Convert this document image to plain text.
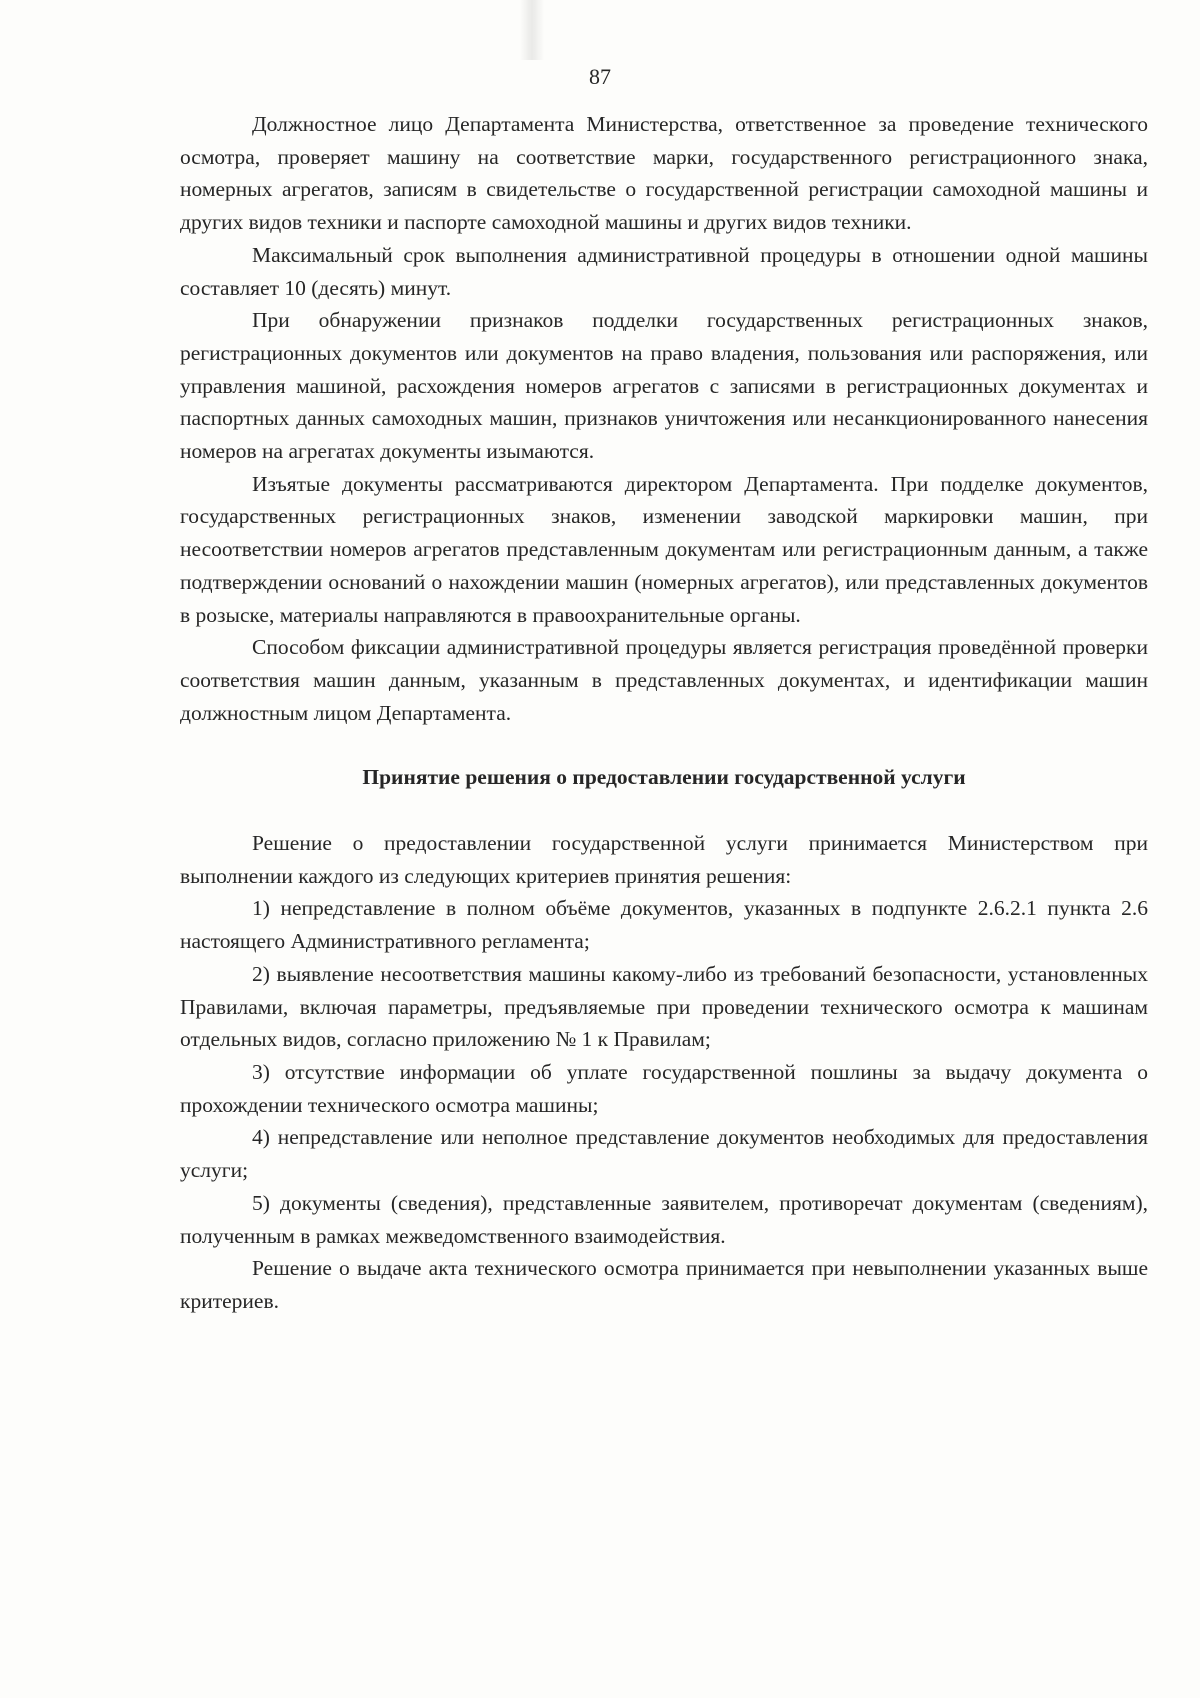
87

Должностное лицо Департамента Министерства, ответственное за проведение технического осмотра, проверяет машину на соответствие марки, государственного регистрационного знака, номерных агрегатов, записям в свидетельстве о государственной регистрации самоходной машины и других видов техники и паспорте самоходной машины и других видов техники.

Максимальный срок выполнения административной процедуры в отношении одной машины составляет 10 (десять) минут.

При обнаружении признаков подделки государственных регистрационных знаков, регистрационных документов или документов на право владения, пользования или распоряжения, или управления машиной, расхождения номеров агрегатов с записями в регистрационных документах и паспортных данных самоходных машин, признаков уничтожения или несанкционированного нанесения номеров на агрегатах документы изымаются.

Изъятые документы рассматриваются директором Департамента. При подделке документов, государственных регистрационных знаков, изменении заводской маркировки машин, при несоответствии номеров агрегатов представленным документам или регистрационным данным, а также подтверждении оснований о нахождении машин (номерных агрегатов), или представленных документов в розыске, материалы направляются в правоохранительные органы.

Способом фиксации административной процедуры является регистрация проведённой проверки соответствия машин данным, указанным в представленных документах, и идентификации машин должностным лицом Департамента.

Принятие решения о предоставлении государственной услуги

Решение о предоставлении государственной услуги принимается Министерством при выполнении каждого из следующих критериев принятия решения:

1) непредставление в полном объёме документов, указанных в подпункте 2.6.2.1 пункта 2.6 настоящего Административного регламента;

2) выявление несоответствия машины какому-либо из требований безопасности, установленных Правилами, включая параметры, предъявляемые при проведении технического осмотра к машинам отдельных видов, согласно приложению № 1 к Правилам;

3) отсутствие информации об уплате государственной пошлины за выдачу документа о прохождении технического осмотра машины;

4) непредставление или неполное представление документов необходимых для предоставления услуги;

5) документы (сведения), представленные заявителем, противоречат документам (сведениям), полученным в рамках межведомственного взаимодействия.

Решение о выдаче акта технического осмотра принимается при невыполнении указанных выше критериев.
